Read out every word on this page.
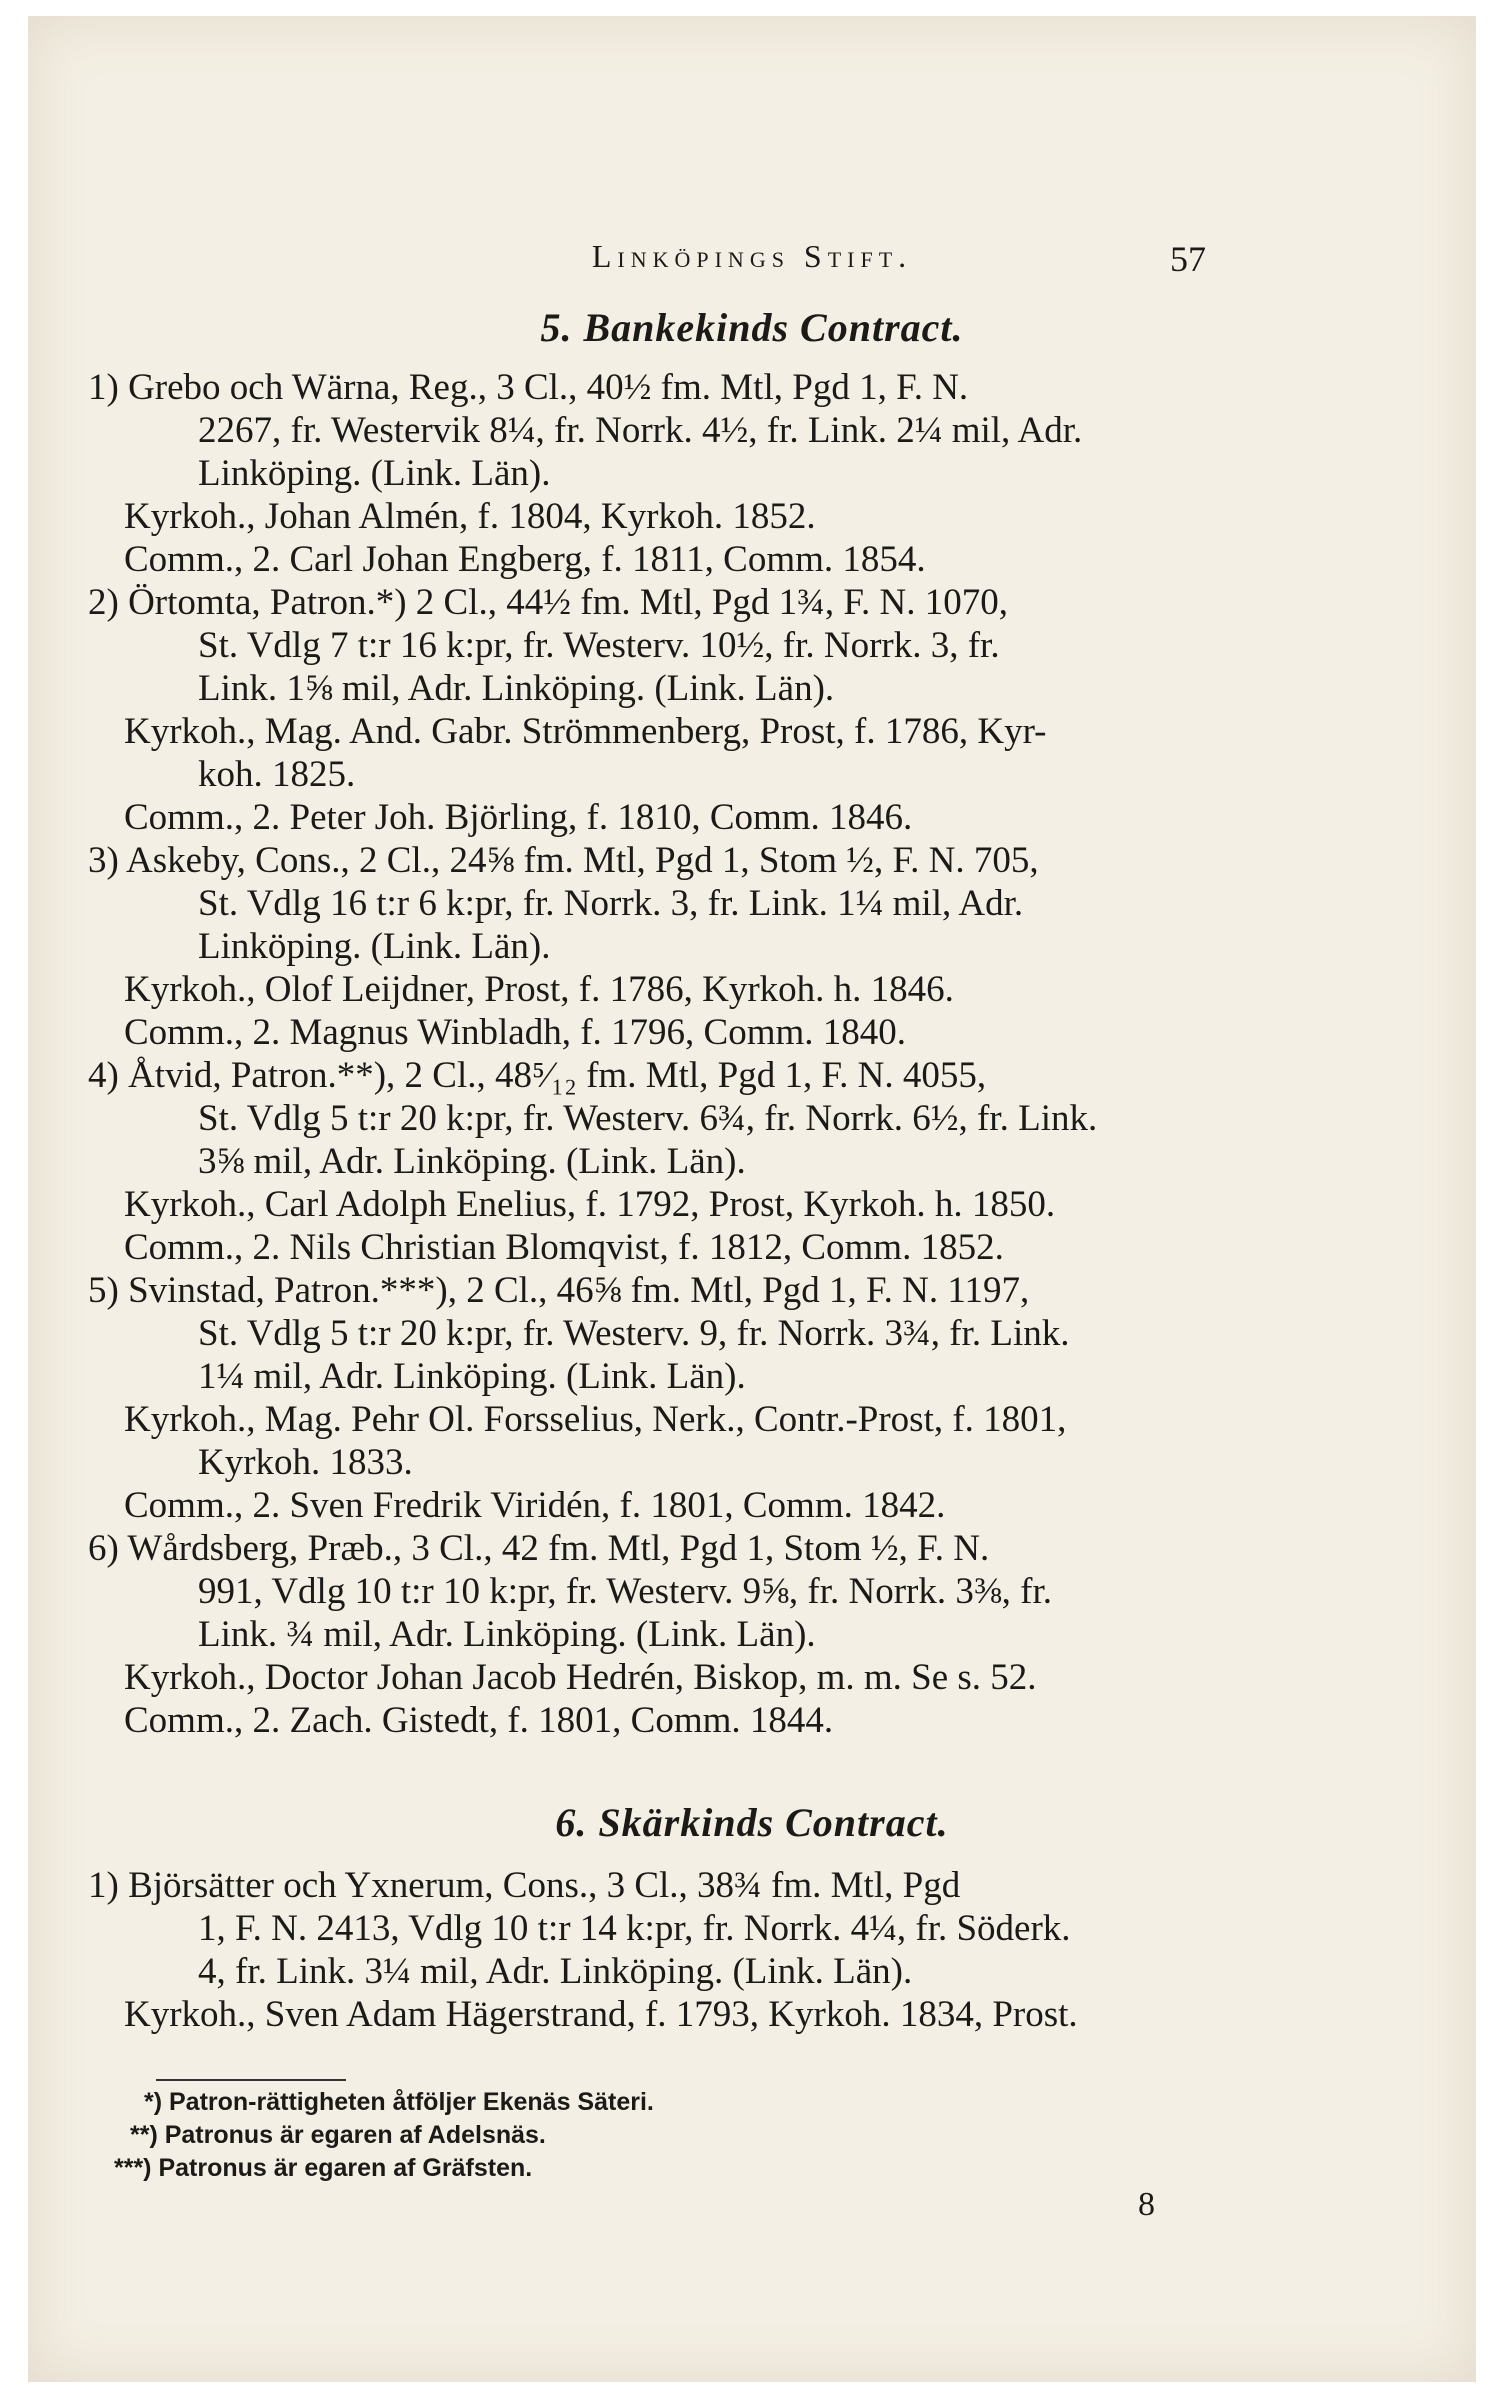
Linköpings Stift.	57
5. Bankekinds Contract.
1) Grebo och Wärna, Reg., 3 Cl., 40½ fm. Mtl, Pgd 1, F. N.
2267, fr. Westervik 8¼, fr. Norrk. 4½, fr. Link. 2¼ mil, Adr.
Linköping. (Link. Län).
Kyrkoh., Johan Almén, f. 1804, Kyrkoh. 1852.
Comm., 2. Carl Johan Engberg, f. 1811, Comm. 1854.
2) Örtomta, Patron.*) 2 Cl., 44½ fm. Mtl, Pgd 1¾, F. N. 1070,
St. Vdlg 7 t:r 16 k:pr, fr. Westerv. 10½, fr. Norrk. 3, fr.
Link. 1⅝ mil, Adr. Linköping. (Link. Län).
Kyrkoh., Mag. And. Gabr. Strömmenberg, Prost, f. 1786, Kyr-
koh. 1825.
Comm., 2. Peter Joh. Björling, f. 1810, Comm. 1846.
3) Askeby, Cons., 2 Cl., 24⅝ fm. Mtl, Pgd 1, Stom ½, F. N. 705,
St. Vdlg 16 t:r 6 k:pr, fr. Norrk. 3, fr. Link. 1¼ mil, Adr.
Linköping. (Link. Län).
Kyrkoh., Olof Leijdner, Prost, f. 1786, Kyrkoh. h. 1846.
Comm., 2. Magnus Winbladh, f. 1796, Comm. 1840.
4) Åtvid, Patron.**), 2 Cl., 48⁵⁄₁₂ fm. Mtl, Pgd 1, F. N. 4055,
St. Vdlg 5 t:r 20 k:pr, fr. Westerv. 6¾, fr. Norrk. 6½, fr. Link.
3⅝ mil, Adr. Linköping. (Link. Län).
Kyrkoh., Carl Adolph Enelius, f. 1792, Prost, Kyrkoh. h. 1850.
Comm., 2. Nils Christian Blomqvist, f. 1812, Comm. 1852.
5) Svinstad, Patron.***), 2 Cl., 46⅝ fm. Mtl, Pgd 1, F. N. 1197,
St. Vdlg 5 t:r 20 k:pr, fr. Westerv. 9, fr. Norrk. 3¾, fr. Link.
1¼ mil, Adr. Linköping. (Link. Län).
Kyrkoh., Mag. Pehr Ol. Forsselius, Nerk., Contr.-Prost, f. 1801,
Kyrkoh. 1833.
Comm., 2. Sven Fredrik Viridén, f. 1801, Comm. 1842.
6) Wårdsberg, Præb., 3 Cl., 42 fm. Mtl, Pgd 1, Stom ½, F. N.
991, Vdlg 10 t:r 10 k:pr, fr. Westerv. 9⅝, fr. Norrk. 3⅜, fr.
Link. ¾ mil, Adr. Linköping. (Link. Län).
Kyrkoh., Doctor Johan Jacob Hedrén, Biskop, m. m. Se s. 52.
Comm., 2. Zach. Gistedt, f. 1801, Comm. 1844.
6. Skärkinds Contract.
1) Björsätter och Yxnerum, Cons., 3 Cl., 38¾ fm. Mtl, Pgd
1, F. N. 2413, Vdlg 10 t:r 14 k:pr, fr. Norrk. 4¼, fr. Söderk.
4, fr. Link. 3¼ mil, Adr. Linköping. (Link. Län).
Kyrkoh., Sven Adam Hägerstrand, f. 1793, Kyrkoh. 1834, Prost.
*) Patron-rättigheten åtföljer Ekenäs Säteri.
**) Patronus är egaren af Adelsnäs.
***) Patronus är egaren af Gräfsten.
8
